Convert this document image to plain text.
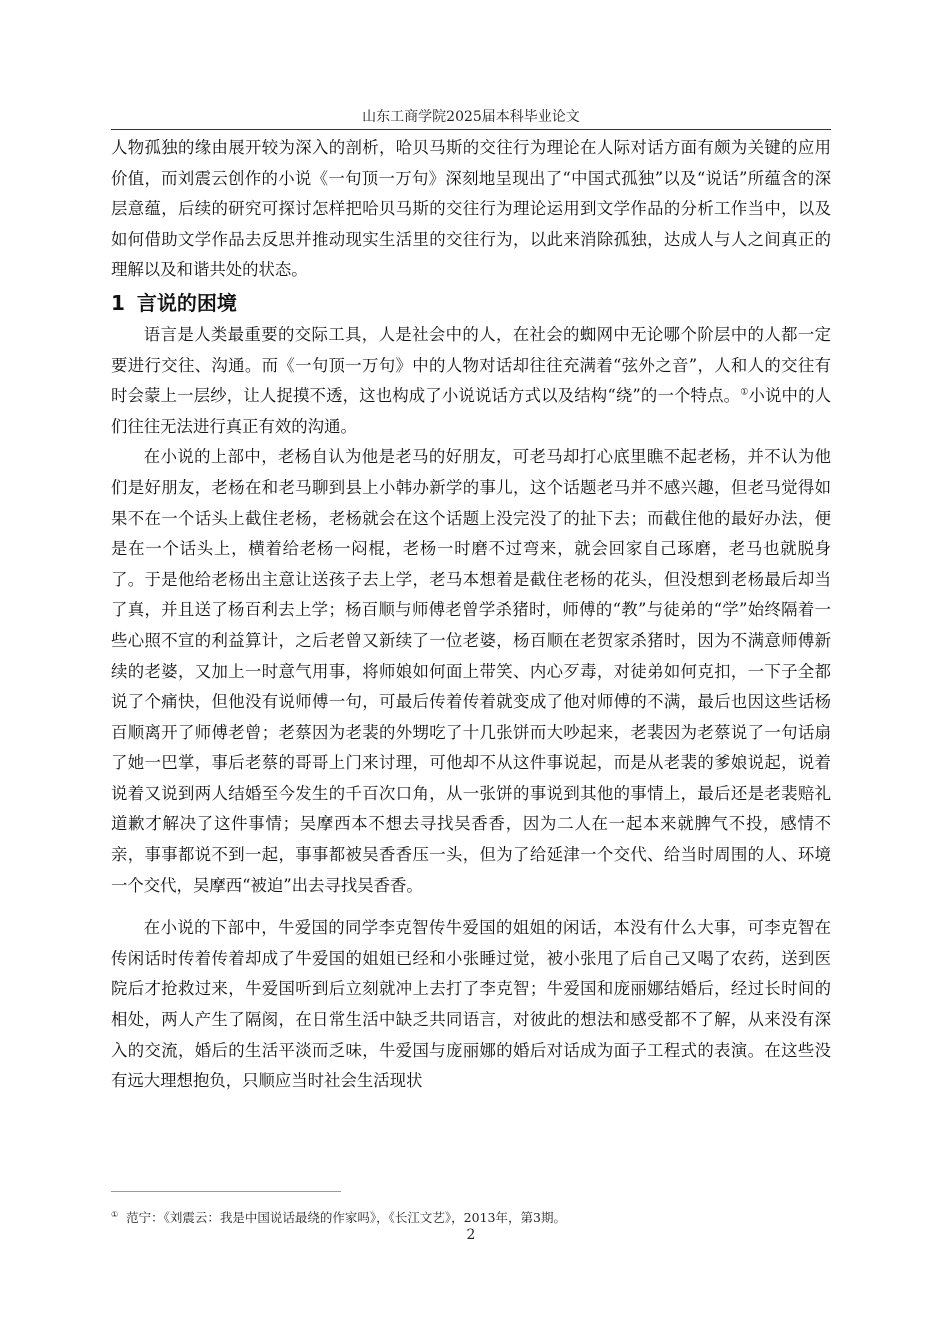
山东工商学院2025届本科毕业论文

人物孤独的缘由展开较为深入的剖析，哈贝马斯的交往行为理论在人际对话方面有颇为关键的应用价值，而刘震云创作的小说《一句顶一万句》深刻地呈现出了“中国式孤独”以及“说话”所蕴含的深层意蕴，后续的研究可探讨怎样把哈贝马斯的交往行为理论运用到文学作品的分析工作当中，以及如何借助文学作品去反思并推动现实生活里的交往行为，以此来消除孤独，达成人与人之间真正的理解以及和谐共处的状态。

1 言说的困境

语言是人类最重要的交际工具，人是社会中的人，在社会的蜘网中无论哪个阶层中的人都一定要进行交往、沟通。而《一句顶一万句》中的人物对话却往往充满着“弦外之音”，人和人的交往有时会蒙上一层纱，让人捉摸不透，这也构成了小说说话方式以及结构“绕”的一个特点。①小说中的人们往往无法进行真正有效的沟通。

在小说的上部中，老杨自认为他是老马的好朋友，可老马却打心底里瞧不起老杨，并不认为他们是好朋友，老杨在和老马聊到县上小韩办新学的事儿，这个话题老马并不感兴趣，但老马觉得如果不在一个话头上截住老杨，老杨就会在这个话题上没完没了的扯下去；而截住他的最好办法，便是在一个话头上，横着给老杨一闷棍，老杨一时磨不过弯来，就会回家自己琢磨，老马也就脱身了。于是他给老杨出主意让送孩子去上学，老马本想着是截住老杨的花头，但没想到老杨最后却当了真，并且送了杨百利去上学；杨百顺与师傅老曾学杀猪时，师傅的“教”与徒弟的“学”始终隔着一些心照不宣的利益算计，之后老曾又新续了一位老婆，杨百顺在老贺家杀猪时，因为不满意师傅新续的老婆，又加上一时意气用事，将师娘如何面上带笑、内心歹毒，对徒弟如何克扣，一下子全都说了个痛快，但他没有说师傅一句，可最后传着传着就变成了他对师傅的不满，最后也因这些话杨百顺离开了师傅老曾；老蔡因为老裴的外甥吃了十几张饼而大吵起来，老裴因为老蔡说了一句话扇了她一巴掌，事后老蔡的哥哥上门来讨理，可他却不从这件事说起，而是从老裴的爹娘说起，说着说着又说到两人结婚至今发生的千百次口角，从一张饼的事说到其他的事情上，最后还是老裴赔礼道歉才解决了这件事情；吴摩西本不想去寻找吴香香，因为二人在一起本来就脾气不投，感情不亲，事事都说不到一起，事事都被吴香香压一头，但为了给延津一个交代、给当时周围的人、环境一个交代，吴摩西“被迫”出去寻找吴香香。

在小说的下部中，牛爱国的同学李克智传牛爱国的姐姐的闲话，本没有什么大事，可李克智在传闲话时传着传着却成了牛爱国的姐姐已经和小张睡过觉，被小张甩了后自己又喝了农药，送到医院后才抢救过来，牛爱国听到后立刻就冲上去打了李克智；牛爱国和庞丽娜结婚后，经过长时间的相处，两人产生了隔阂，在日常生活中缺乏共同语言，对彼此的想法和感受都不了解，从来没有深入的交流，婚后的生活平淡而乏味，牛爱国与庞丽娜的婚后对话成为面子工程式的表演。在这些没有远大理想抱负，只顺应当时社会生活现状

① 范宁：《刘震云：我是中国说话最绕的作家吗》，《长江文艺》，2013年，第3期。
2
